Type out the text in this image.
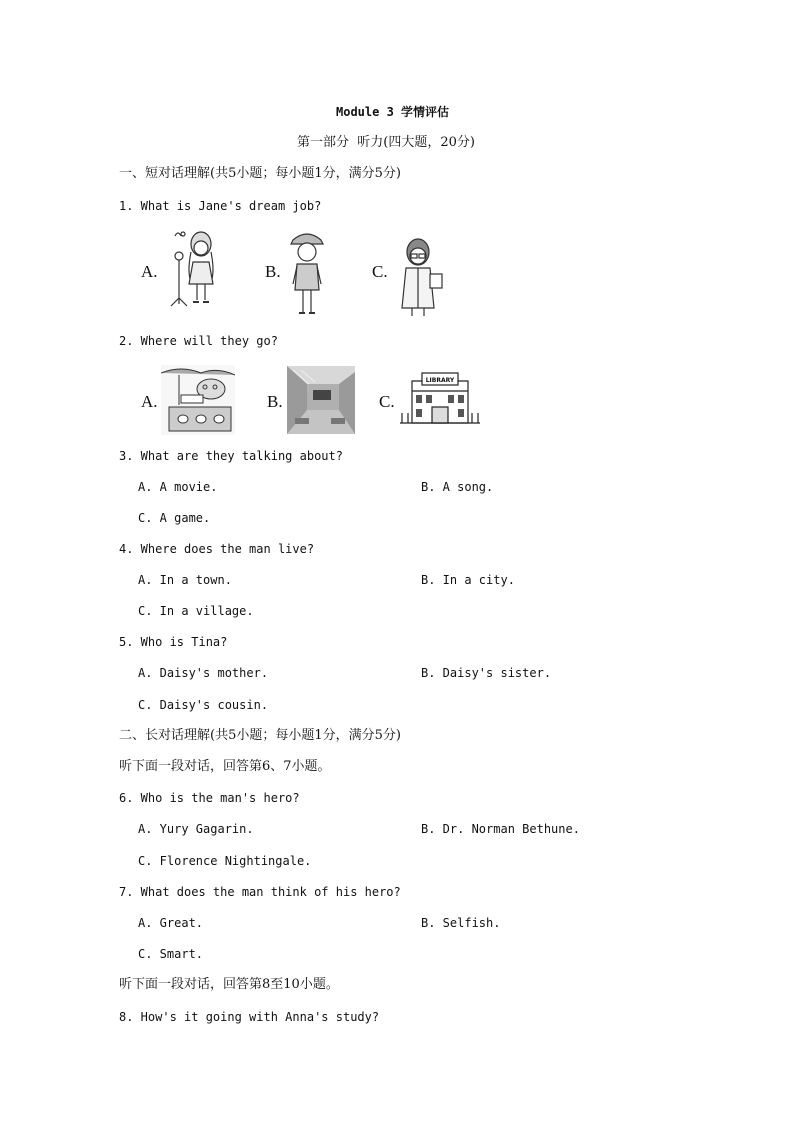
Module 3 学情评估
第一部分  听力(四大题，20分)
一、短对话理解(共5小题；每小题1分，满分5分)
1. What is Jane's dream job?
A.	B.	C.
2. Where will they go?
A.	B.	C.
LIBRARY
3. What are they talking about?
A. A movie.	B. A song.
C. A game.
4. Where does the man live?
A. In a town.	B. In a city.
C. In a village.
5. Who is Tina?
A. Daisy's mother.	B. Daisy's sister.
C. Daisy's cousin.
二、长对话理解(共5小题；每小题1分，满分5分)
听下面一段对话，回答第6、7小题。
6. Who is the man's hero?
A. Yury Gagarin.	B. Dr. Norman Bethune.
C. Florence Nightingale.
7. What does the man think of his hero?
A. Great.	B. Selfish.
C. Smart.
听下面一段对话，回答第8至10小题。
8. How's it going with Anna's study?
